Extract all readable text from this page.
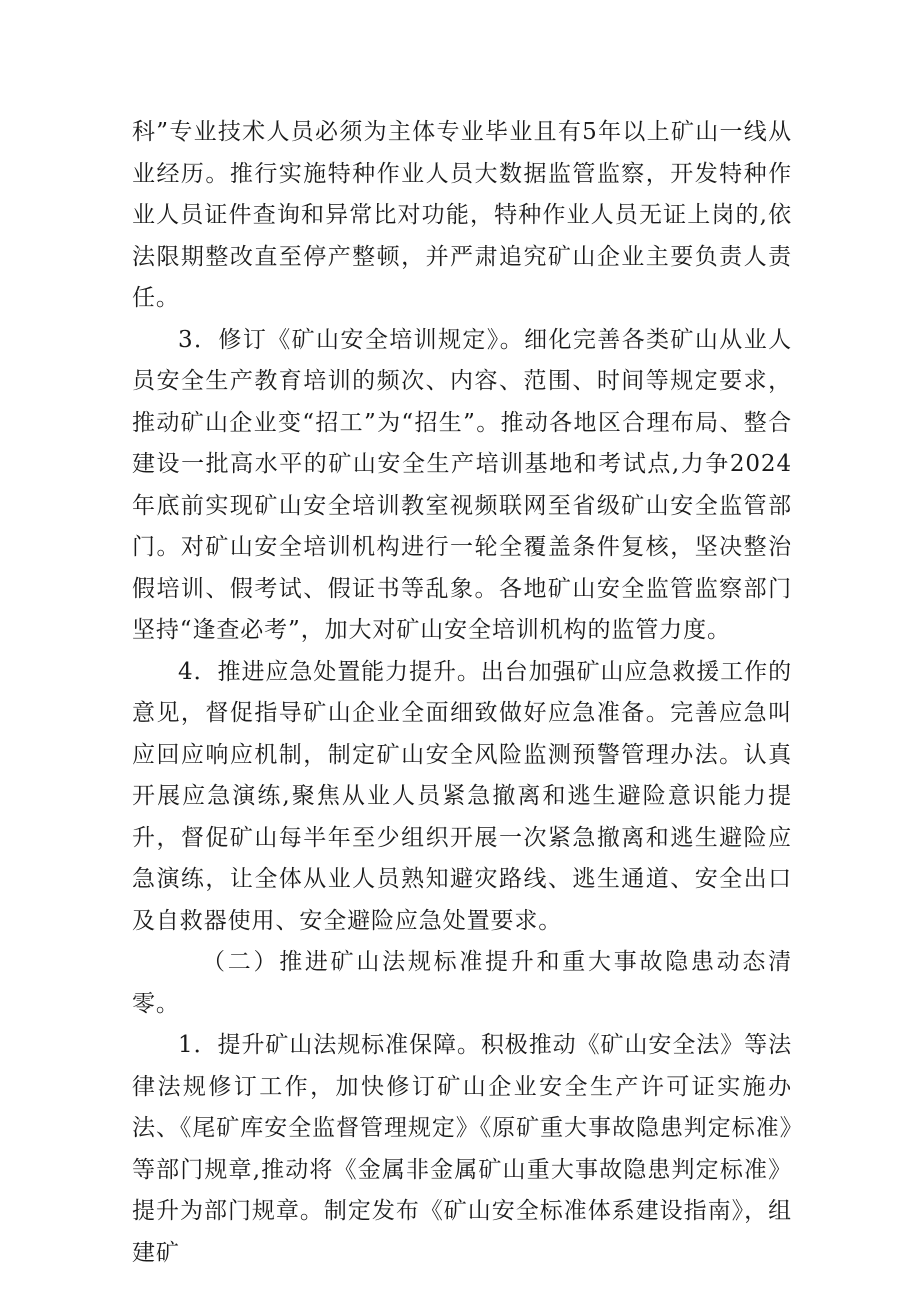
科”专业技术人员必须为主体专业毕业且有5年以上矿山一线从业经历。推行实施特种作业人员大数据监管监察，开发特种作业人员证件查询和异常比对功能，特种作业人员无证上岗的,依法限期整改直至停产整顿，并严肃追究矿山企业主要负责人责任。

3．修订《矿山安全培训规定》。细化完善各类矿山从业人员安全生产教育培训的频次、内容、范围、时间等规定要求，推动矿山企业变“招工”为“招生”。推动各地区合理布局、整合建设一批高水平的矿山安全生产培训基地和考试点,力争2024年底前实现矿山安全培训教室视频联网至省级矿山安全监管部门。对矿山安全培训机构进行一轮全覆盖条件复核，坚决整治假培训、假考试、假证书等乱象。各地矿山安全监管监察部门坚持“逢查必考”，加大对矿山安全培训机构的监管力度。

4．推进应急处置能力提升。出台加强矿山应急救援工作的意见，督促指导矿山企业全面细致做好应急准备。完善应急叫应回应响应机制，制定矿山安全风险监测预警管理办法。认真开展应急演练,聚焦从业人员紧急撤离和逃生避险意识能力提升，督促矿山每半年至少组织开展一次紧急撤离和逃生避险应急演练，让全体从业人员熟知避灾路线、逃生通道、安全出口及自救器使用、安全避险应急处置要求。

（二）推进矿山法规标准提升和重大事故隐患动态清零。

1．提升矿山法规标准保障。积极推动《矿山安全法》等法律法规修订工作，加快修订矿山企业安全生产许可证实施办法、《尾矿库安全监督管理规定》《原矿重大事故隐患判定标准》等部门规章,推动将《金属非金属矿山重大事故隐患判定标准》提升为部门规章。制定发布《矿山安全标准体系建设指南》，组建矿
